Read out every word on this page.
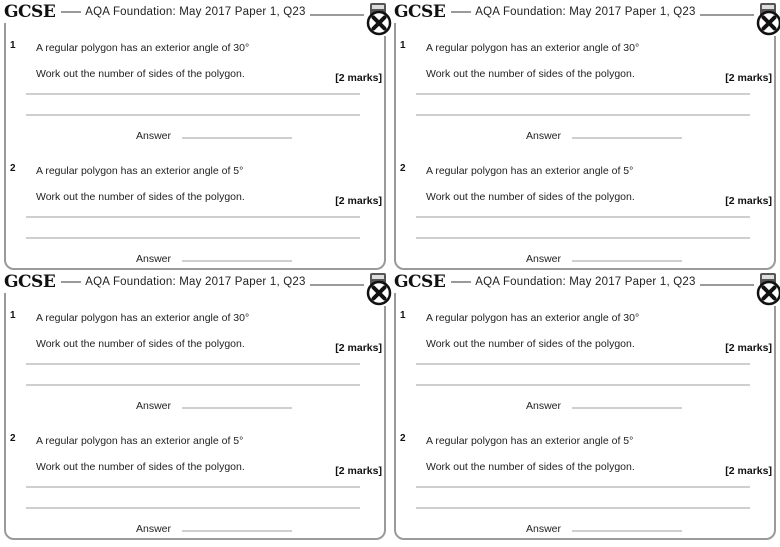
GCSE	AQA Foundation: May 2017 Paper 1, Q23
1 A regular polygon has an exterior angle of 30°
Work out the number of sides of the polygon.	[2 marks]
Answer
2 A regular polygon has an exterior angle of 5°
Work out the number of sides of the polygon.	[2 marks]
Answer
GCSE	AQA Foundation: May 2017 Paper 1, Q23
1 A regular polygon has an exterior angle of 30°
Work out the number of sides of the polygon.	[2 marks]
Answer
2 A regular polygon has an exterior angle of 5°
Work out the number of sides of the polygon.	[2 marks]
Answer
GCSE	AQA Foundation: May 2017 Paper 1, Q23
1 A regular polygon has an exterior angle of 30°
Work out the number of sides of the polygon.	[2 marks]
Answer
2 A regular polygon has an exterior angle of 5°
Work out the number of sides of the polygon.	[2 marks]
Answer
GCSE	AQA Foundation: May 2017 Paper 1, Q23
1 A regular polygon has an exterior angle of 30°
Work out the number of sides of the polygon.	[2 marks]
Answer
2 A regular polygon has an exterior angle of 5°
Work out the number of sides of the polygon.	[2 marks]
Answer
